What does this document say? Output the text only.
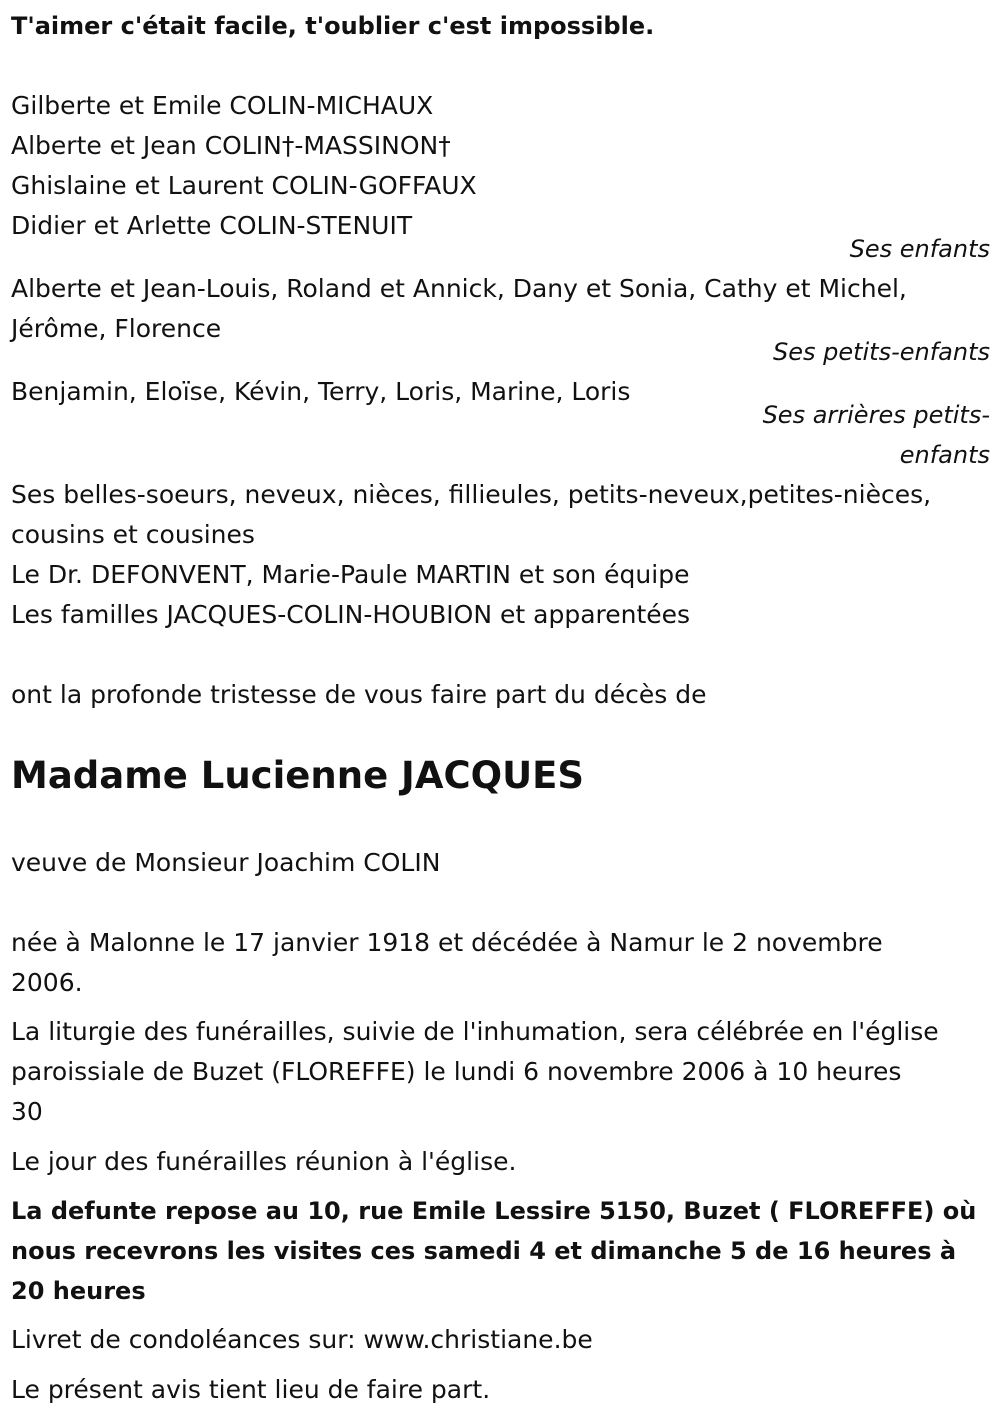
T'aimer c'était facile, t'oublier c'est impossible.
Gilberte et Emile COLIN-MICHAUX
Alberte et Jean COLIN†-MASSINON†
Ghislaine et Laurent COLIN-GOFFAUX
Didier et Arlette COLIN-STENUIT
Ses enfants
Alberte et Jean-Louis, Roland et Annick, Dany et Sonia, Cathy et Michel,
Jérôme, Florence
Ses petits-enfants
Benjamin, Eloïse, Kévin, Terry, Loris, Marine, Loris
Ses arrières petits-
enfants
Ses belles-soeurs, neveux, nièces, fillieules, petits-neveux,petites-nièces,
cousins et cousines
Le Dr. DEFONVENT, Marie-Paule MARTIN et son équipe
Les familles JACQUES-COLIN-HOUBION et apparentées
ont la profonde tristesse de vous faire part du décès de
Madame Lucienne JACQUES
veuve de Monsieur Joachim COLIN
née à Malonne le 17 janvier 1918 et décédée à Namur le 2 novembre
2006.
La liturgie des funérailles, suivie de l'inhumation, sera célébrée en l'église
paroissiale de Buzet (FLOREFFE) le lundi 6 novembre 2006 à 10 heures
30
Le jour des funérailles réunion à l'église.
La defunte repose au 10, rue Emile Lessire 5150, Buzet ( FLOREFFE) où
nous recevrons les visites ces samedi 4 et dimanche 5 de 16 heures à
20 heures
Livret de condoléances sur: www.christiane.be
Le présent avis tient lieu de faire part.
